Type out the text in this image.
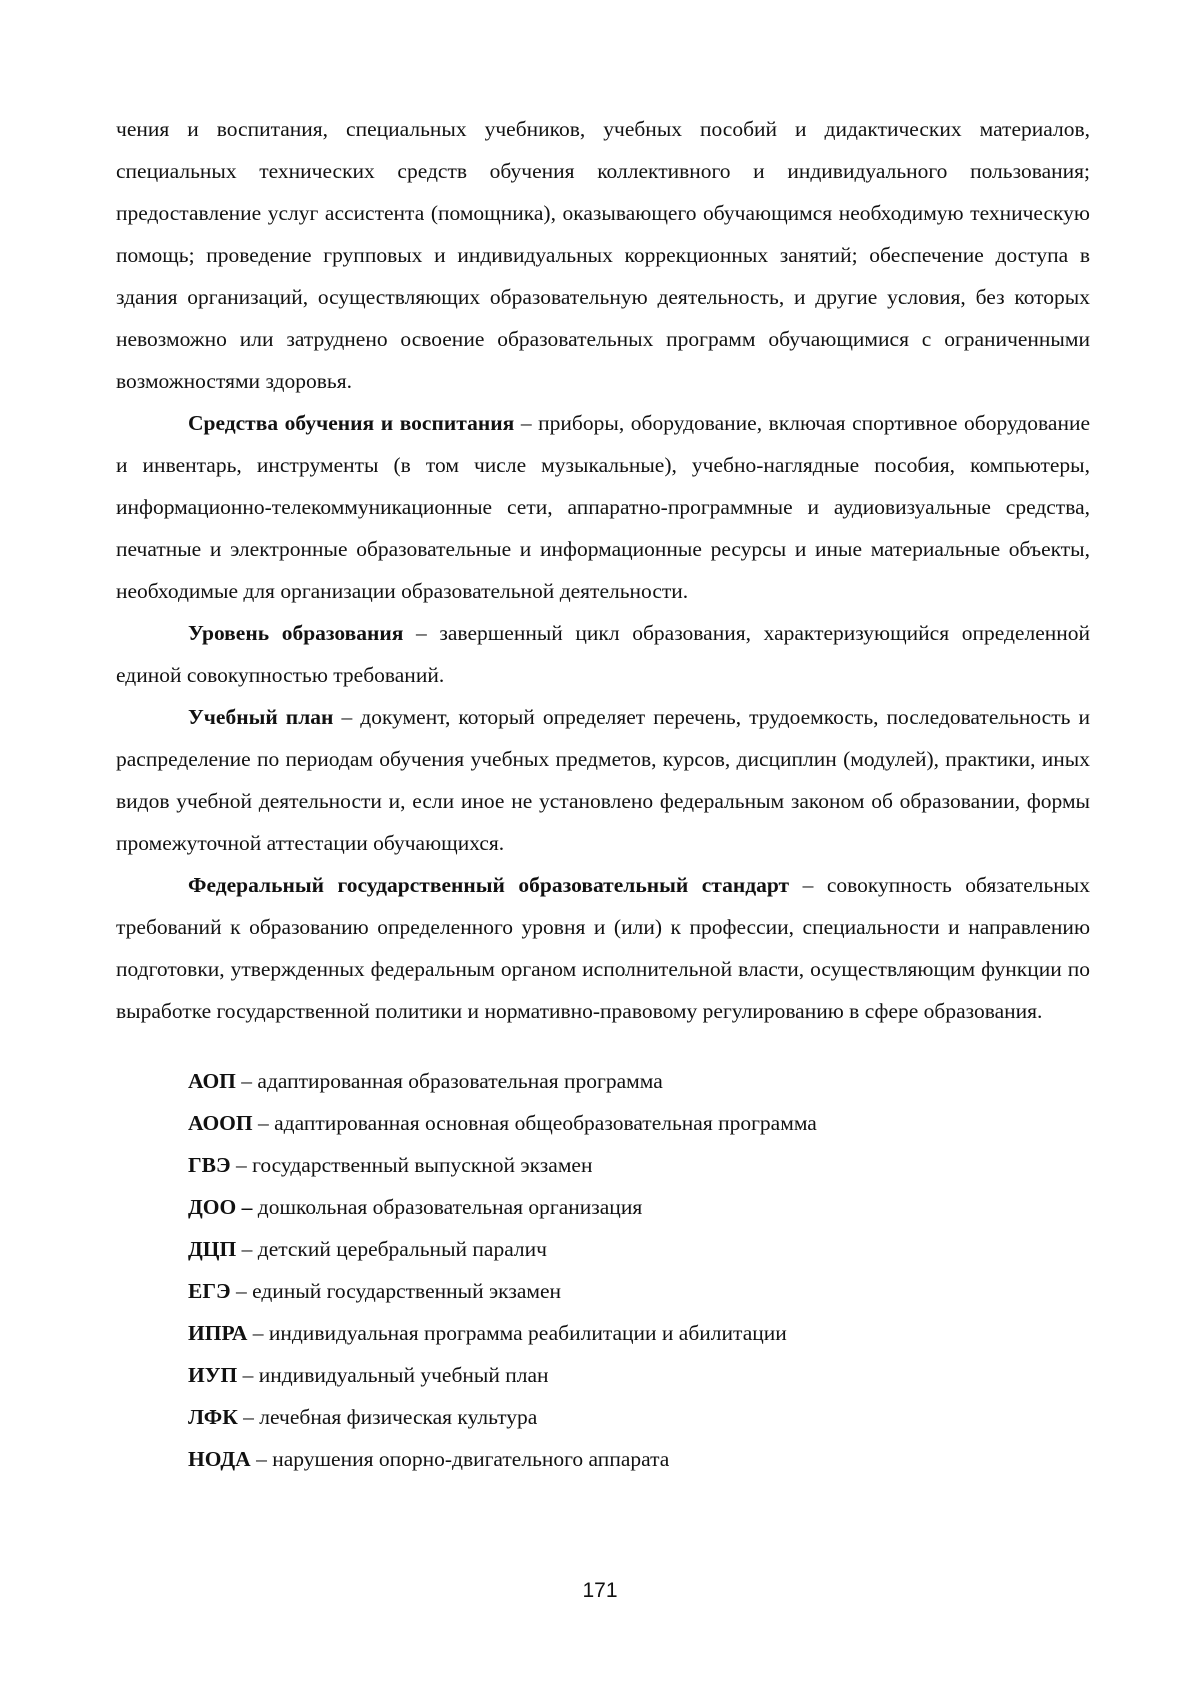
чения и воспитания, специальных учебников, учебных пособий и дидактических материалов, специальных технических средств обучения коллективного и индивидуального пользования; предоставление услуг ассистента (помощника), оказывающего обучающимся необходимую техническую помощь; проведение групповых и индивидуальных коррекционных занятий; обеспечение доступа в здания организаций, осуществляющих образовательную деятельность, и другие условия, без которых невозможно или затруднено освоение образовательных программ обучающимися с ограниченными возможностями здоровья.

Средства обучения и воспитания – приборы, оборудование, включая спортивное оборудование и инвентарь, инструменты (в том числе музыкальные), учебно-наглядные пособия, компьютеры, информационно-телекоммуникационные сети, аппаратно-программные и аудиовизуальные средства, печатные и электронные образовательные и информационные ресурсы и иные материальные объекты, необходимые для организации образовательной деятельности.

Уровень образования – завершенный цикл образования, характеризующийся определенной единой совокупностью требований.

Учебный план – документ, который определяет перечень, трудоемкость, последовательность и распределение по периодам обучения учебных предметов, курсов, дисциплин (модулей), практики, иных видов учебной деятельности и, если иное не установлено федеральным законом об образовании, формы промежуточной аттестации обучающихся.

Федеральный государственный образовательный стандарт – совокупность обязательных требований к образованию определенного уровня и (или) к профессии, специальности и направлению подготовки, утвержденных федеральным органом исполнительной власти, осуществляющим функции по выработке государственной политики и нормативно-правовому регулированию в сфере образования.

АОП – адаптированная образовательная программа
АООП – адаптированная основная общеобразовательная программа
ГВЭ – государственный выпускной экзамен
ДОО – дошкольная образовательная организация
ДЦП – детский церебральный паралич
ЕГЭ – единый государственный экзамен
ИПРА – индивидуальная программа реабилитации и абилитации
ИУП – индивидуальный учебный план
ЛФК – лечебная физическая культура
НОДА – нарушения опорно-двигательного аппарата
171
